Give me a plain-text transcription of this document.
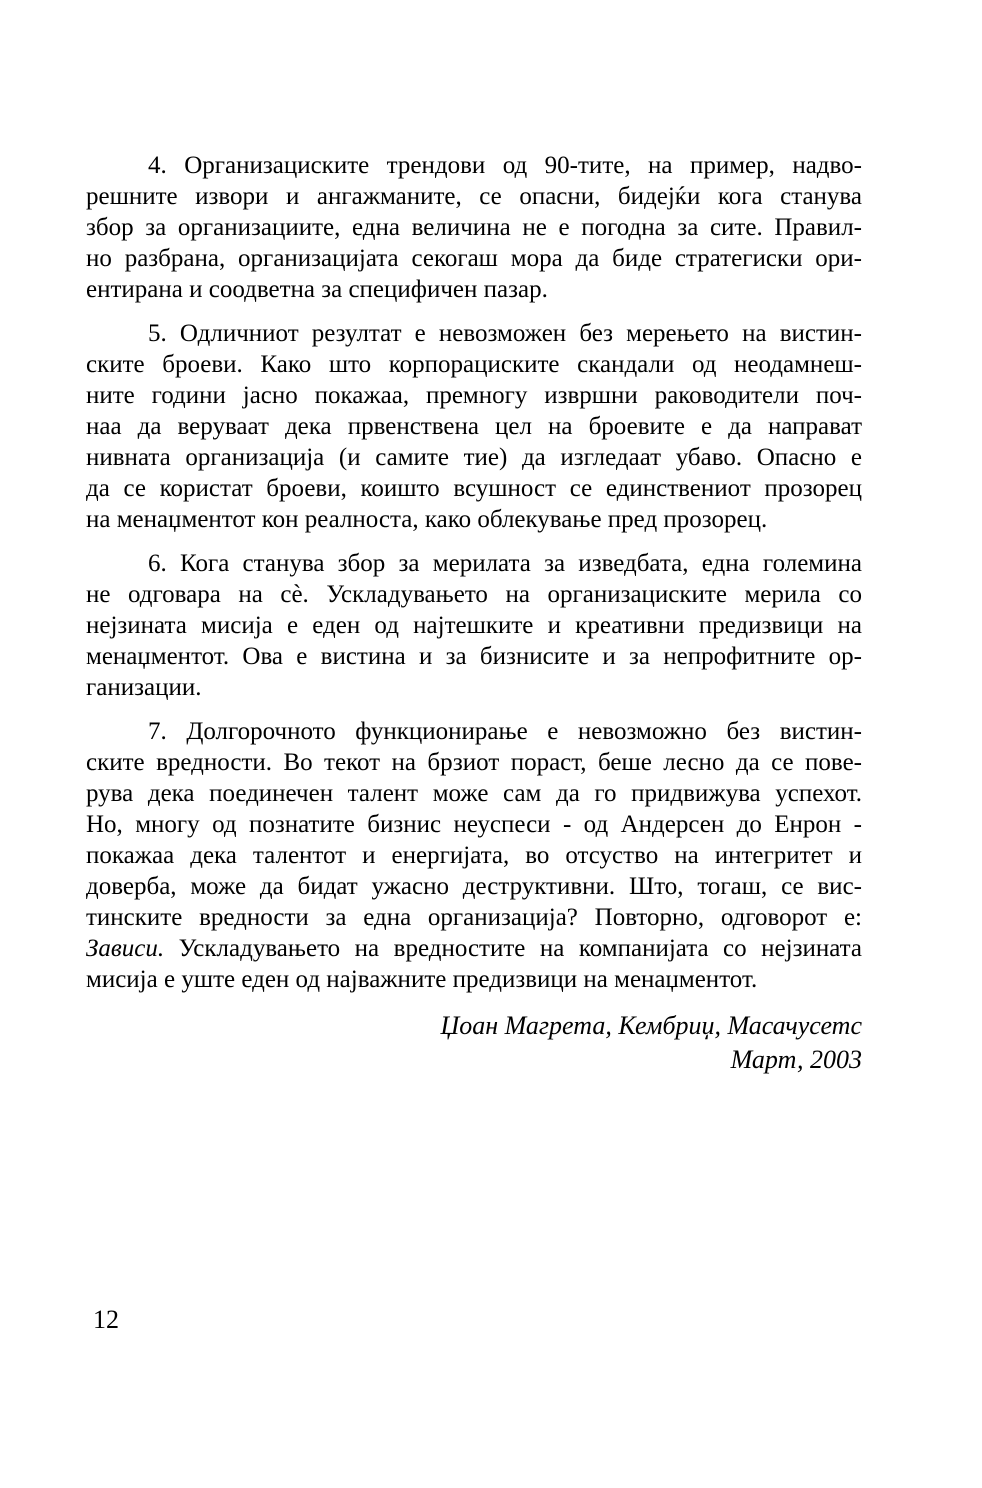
4. Организациските трендови од 90-тите, на пример, надво-
решните извори и ангажманите, се опасни, бидејќи кога станува
збор за организациите, една величина не е погодна за сите. Правил-
но разбрана, организацијата секогаш мора да биде стратегиски ори-
ентирана и соодветна за специфичен пазар.
5. Одличниот резултат е невозможен без мерењето на вистин-
ските броеви. Како што корпорациските скандали од неодамнеш-
ните години јасно покажаа, премногу извршни раководители поч-
наа да веруваат дека првенствена цел на броевите е да направат
нивната организација (и самите тие) да изгледаат убаво. Опасно е
да се користат броеви, коишто всушност се единствениот прозорец
на менаџментот кон реалноста, како облекување пред прозорец.
6. Кога станува збор за мерилата за изведбата, една големина
не одговара на сѐ. Ускладувањето на организациските мерила со
нејзината мисија е еден од најтешките и креативни предизвици на
менаџментот. Ова е вистина и за бизнисите и за непрофитните ор-
ганизации.
7. Долгорочното функционирање е невозможно без вистин-
ските вредности. Во текот на брзиот пораст, беше лесно да се пове-
рува дека поединечен талент може сам да го придвижува успехот.
Но, многу од познатите бизнис неуспеси - од Андерсен до Енрон -
покажаа дека талентот и енергијата, во отсуство на интегритет и
доверба, може да бидат ужасно деструктивни. Што, тогаш, се вис-
тинските вредности за една организација? Повторно, одговорот е:
Зависи. Ускладувањето на вредностите на компанијата со нејзината
мисија е уште еден од најважните предизвици на менаџментот.
Џоан Магрета, Кембриџ, Масачусетс
Март, 2003
12
